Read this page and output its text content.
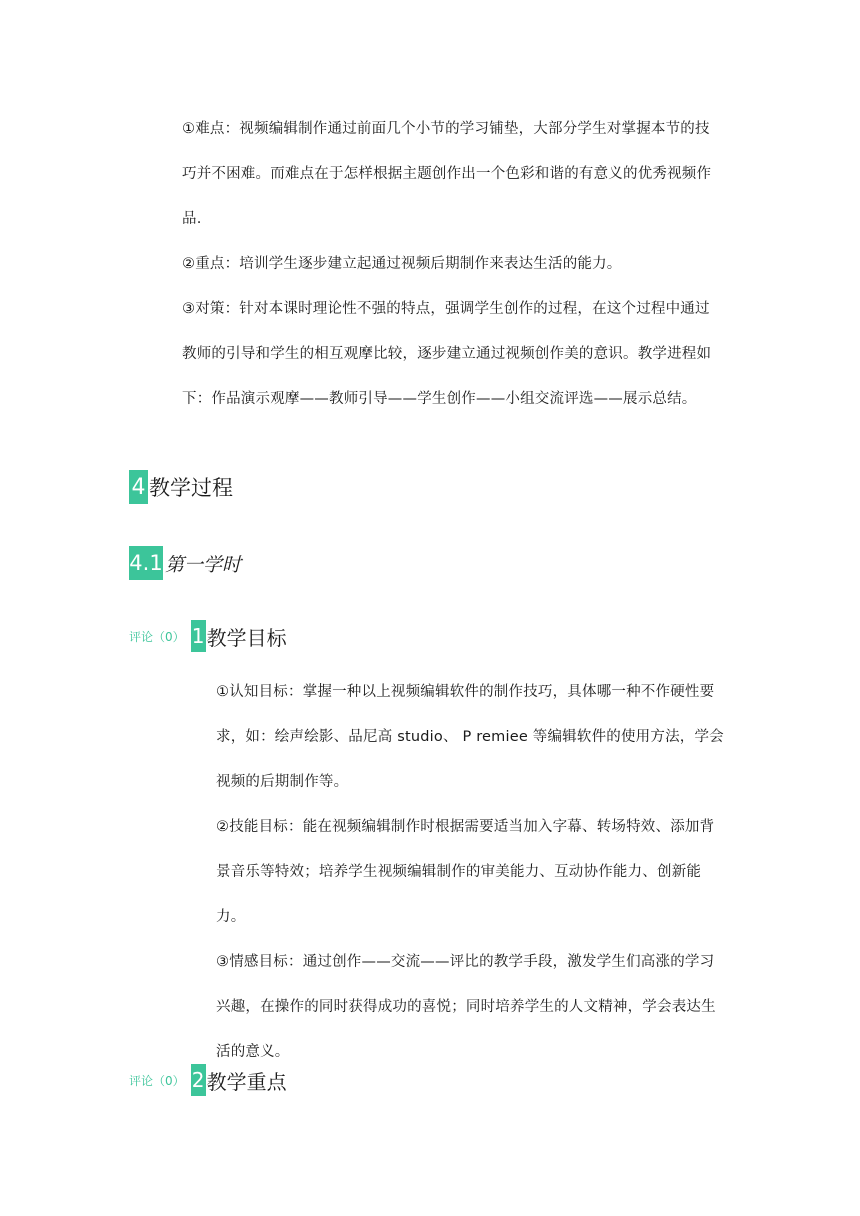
①难点：视频编辑制作通过前面几个小节的学习铺垫，大部分学生对掌握本节的技
巧并不困难。而难点在于怎样根据主题创作出一个色彩和谐的有意义的优秀视频作
品.
②重点：培训学生逐步建立起通过视频后期制作来表达生活的能力。
③对策：针对本课时理论性不强的特点，强调学生创作的过程，在这个过程中通过
教师的引导和学生的相互观摩比较，逐步建立通过视频创作美的意识。教学进程如
下：作品演示观摩——教师引导——学生创作——小组交流评选——展示总结。
4 教学过程
4.1 第一学时
评论（0） 1 教学目标
①认知目标：掌握一种以上视频编辑软件的制作技巧，具体哪一种不作硬性要
求，如：绘声绘影、品尼高 studio、 P remiee 等编辑软件的使用方法，学会
视频的后期制作等。
②技能目标：能在视频编辑制作时根据需要适当加入字幕、转场特效、添加背
景音乐等特效；培养学生视频编辑制作的审美能力、互动协作能力、创新能力。
③情感目标：通过创作——交流——评比的教学手段，激发学生们高涨的学习
兴趣，在操作的同时获得成功的喜悦；同时培养学生的人文精神，学会表达生
活的意义。
评论（0） 2 教学重点
